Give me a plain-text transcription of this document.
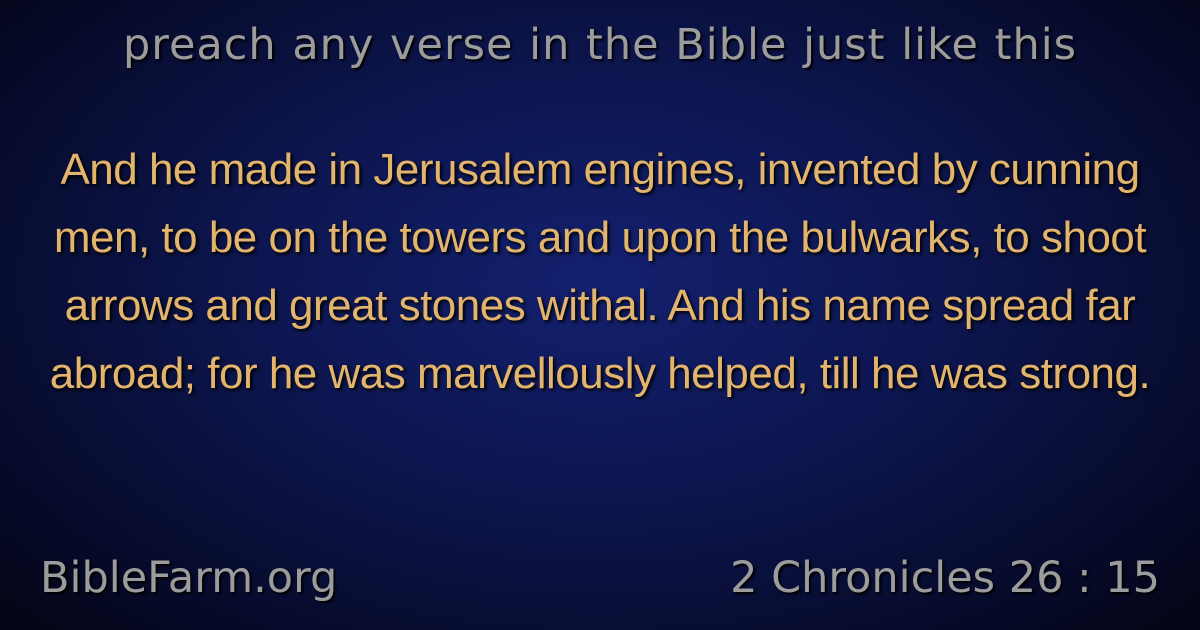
preach any verse in the Bible just like this
And he made in Jerusalem engines, invented by cunning men, to be on the towers and upon the bulwarks, to shoot arrows and great stones withal. And his name spread far abroad; for he was marvellously helped, till he was strong.
BibleFarm.org	2 Chronicles 26 : 15
